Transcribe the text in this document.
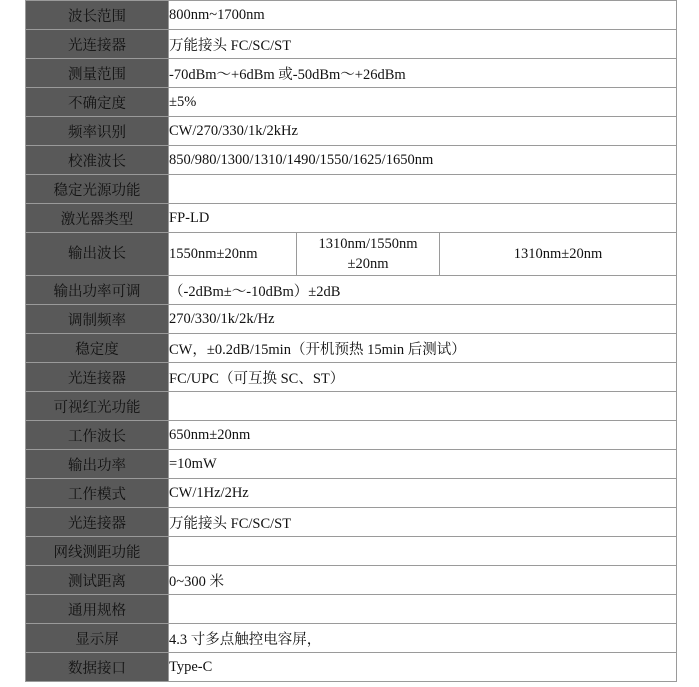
波长范围	800nm~1700nm		
光连接器	万能接头 FC/SC/ST		
测量范围	-70dBm～+6dBm 或-50dBm～+26dBm		
不确定度	±5%		
频率识别	CW/270/330/1k/2kHz		
校准波长	850/980/1300/1310/1490/1550/1625/1650nm		
稳定光源功能			
激光器类型	FP-LD		
输出波长	1550nm±20nm	1310nm/1550nm ±20nm	1310nm±20nm
输出功率可调	（-2dBm±～-10dBm）±2dB		
调制频率	270/330/1k/2k/Hz		
稳定度	CW，±0.2dB/15min（开机预热 15min 后测试）		
光连接器	FC/UPC（可互换 SC、ST）		
可视红光功能			
工作波长	650nm±20nm		
输出功率	=10mW		
工作模式	CW/1Hz/2Hz		
光连接器	万能接头 FC/SC/ST		
网线测距功能			
测试距离	0~300 米		
通用规格			
显示屏	4.3 寸多点触控电容屏，		
数据接口	Type-C		
